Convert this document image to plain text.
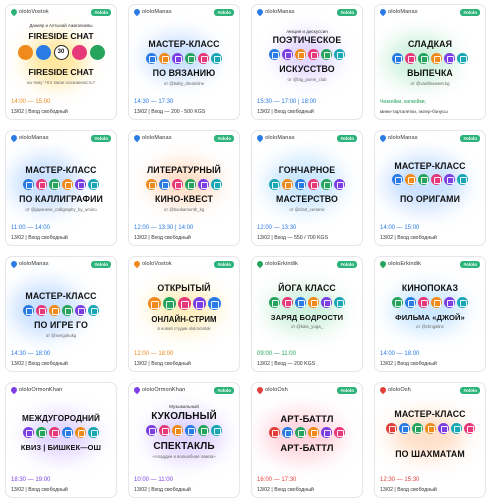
ololoVostok	#ololo
Данияр и Алтынай Ажигалиевы
FIRESIDE CHAT
30
FIRESIDE CHAT
на тему: Что такое осознанность?
14:00 — 15:00
13/02 | Вход свободный
ololoManas	#ololo
МАСТЕР-КЛАСС
ПО ВЯЗАНИЮ
от @baby_dreamline
14:30 — 17:30
13/02 | Вход — 200 - 500 KGS
ololoManas	#ololo
лекция и дискуссия
ПОЭТИЧЕСКОЕ
ИСКУССТВО
от @big_poem_club
15:30 — 17:00 | 18:00
13/02 | Вход свободный
ololoManas	#ololo
СЛАДКАЯ
ВЫПЕЧКА
от @vanillasweet.kg
Чизкейки, капкейки,
мини-тарталетки, эклер-бонусы
ololoManas	#ololo
МАСТЕР-КЛАСС
ПО КАЛЛИГРАФИИ
от @japanese_calligraphy_by_umino
11:00 — 14:00
13/02 | Вход свободный
ololoManas	#ololo
ЛИТЕРАТУРНЫЙ
КИНО-КВЕСТ
от @bookamonth_kg
12:00 — 13:30 | 14:00
13/02 | Вход свободный
ololoManas	#ololo
ГОНЧАРНОЕ
МАСТЕРСТВО
от @clart_ceramic
12:00 — 13:30
13/02 | Вход — 550 / 700 KGS
ololoManas	#ololo
МАСТЕР-КЛАСС
ПО ОРИГАМИ
14:00 — 15:00
13/02 | Вход свободный
ololoManas	#ololo
МАСТЕР-КЛАСС
ПО ИГРЕ ГО
от @sengokukg
14:30 — 18:00
13/02 | Вход свободный
ololoVostok	#ololo
ОТКРЫТЫЙ
ОНЛАЙН-СТРИМ
в новой студии ololoVostok
12:00 — 18:00
13/02 | Вход свободный
ololoErkindik	#ololo
ЙОГА КЛАСС
ЗАРЯД БОДРОСТИ
от @kate_yoga_
09:00 — 11:00
13/02 | Вход — 200 KGS
ololoErkindik	#ololo
КИНОПОКАЗ
ФИЛЬМА «ДЖОЙ»
от @chngalinc
14:00 — 18:00
13/02 | Вход свободный
ololoOrmonKhan
МЕЖДУГОРОДНИЙ
КВИЗ | БИШКЕК—ОШ
18:30 — 19:00
13/02 | Вход свободный
ololoOrmonKhan	#ololo
Музыкальный
КУКОЛЬНЫЙ
СПЕКТАКЛЬ
«Аладдин и волшебная лампа»
10:00 — 11:00
13/02 | Вход свободный
ololoOsh	#ololo
АРТ-БАТТЛ
АРТ-БАТТЛ
16:00 — 17:30
13/02 | Вход свободный
ololoOsh	#ololo
МАСТЕР-КЛАСС
ПО ШАХМАТАМ
12:30 — 15:30
13/02 | Вход свободный
